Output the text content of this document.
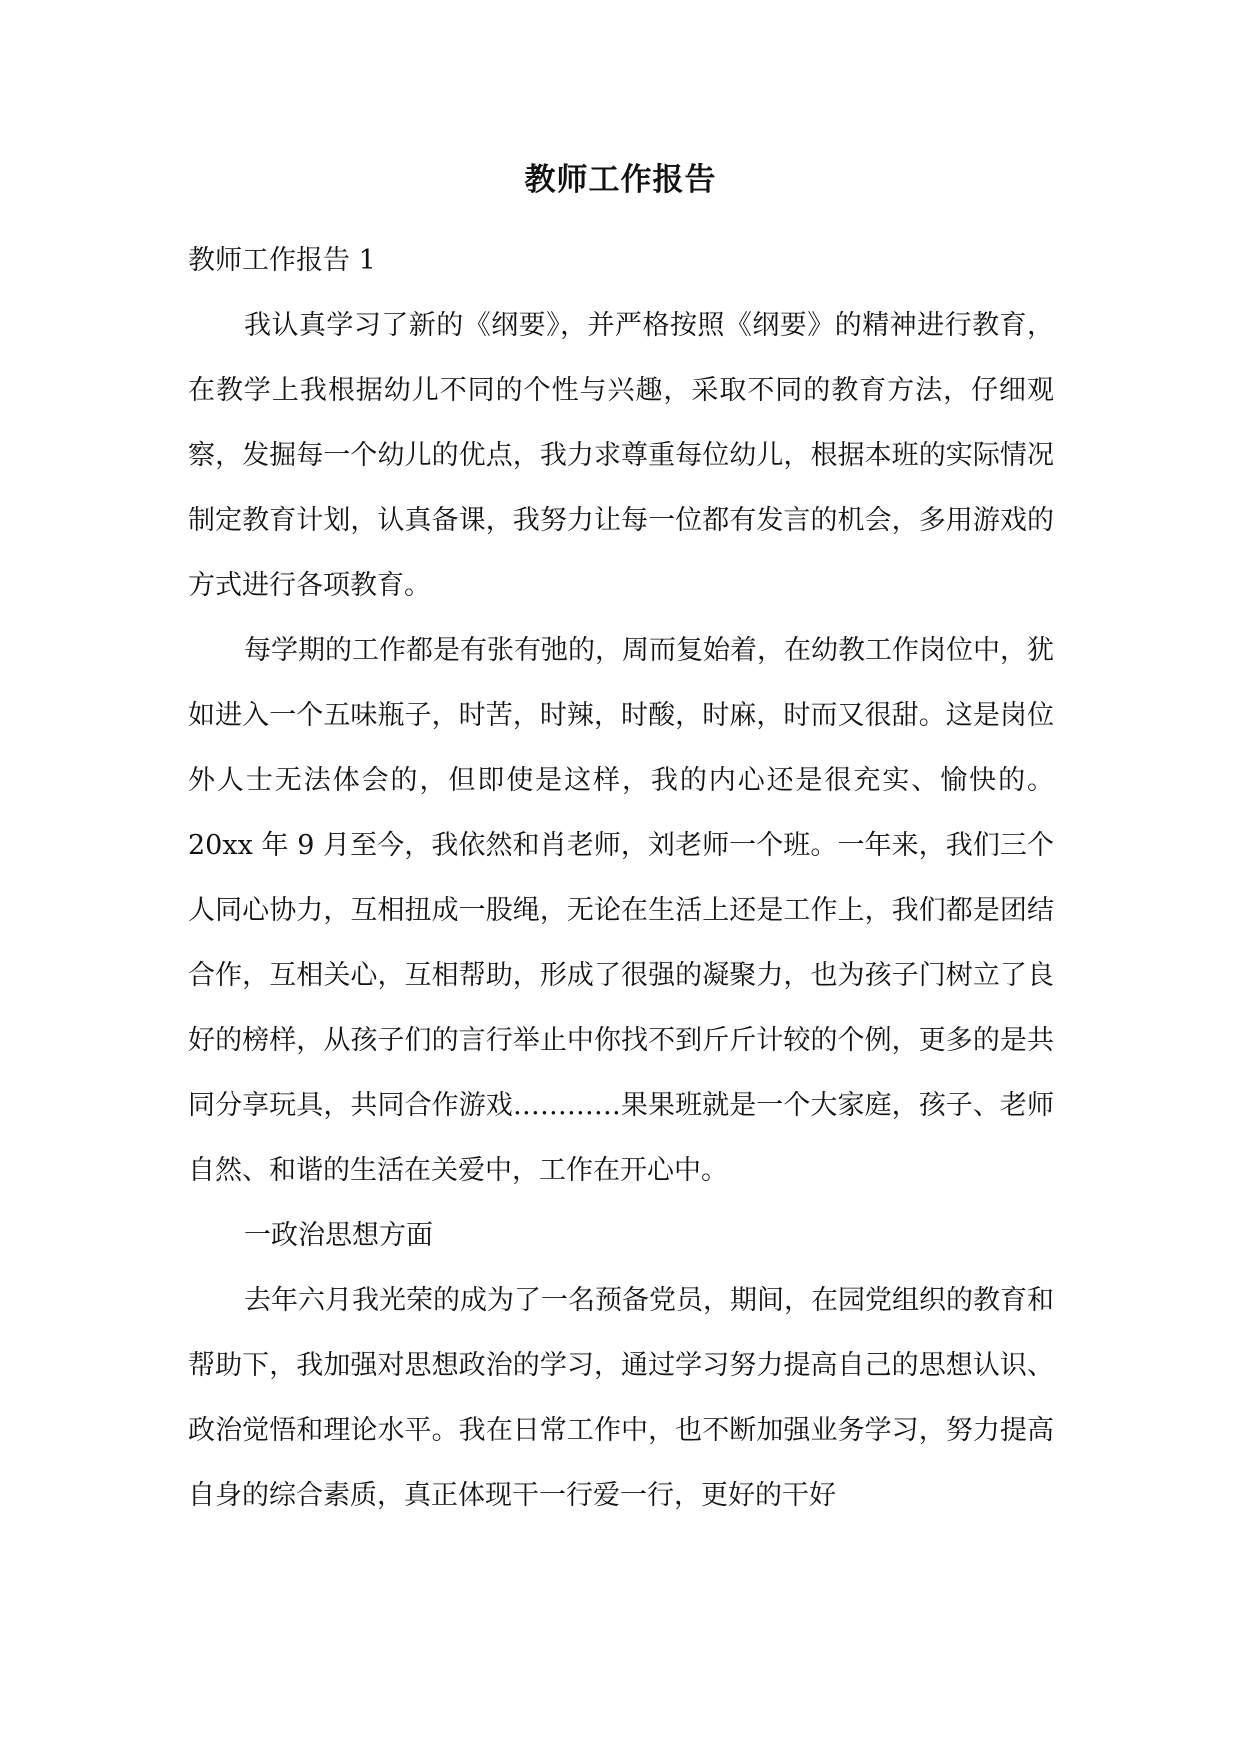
教师工作报告

教师工作报告 1

我认真学习了新的《纲要》，并严格按照《纲要》的精神进行教育，在教学上我根据幼儿不同的个性与兴趣，采取不同的教育方法，仔细观察，发掘每一个幼儿的优点，我力求尊重每位幼儿，根据本班的实际情况制定教育计划，认真备课，我努力让每一位都有发言的机会，多用游戏的方式进行各项教育。

每学期的工作都是有张有弛的，周而复始着，在幼教工作岗位中，犹如进入一个五味瓶子，时苦，时辣，时酸，时麻，时而又很甜。这是岗位外人士无法体会的，但即使是这样，我的内心还是很充实、愉快的。20xx 年 9 月至今，我依然和肖老师，刘老师一个班。一年来，我们三个人同心协力，互相扭成一股绳，无论在生活上还是工作上，我们都是团结合作，互相关心，互相帮助，形成了很强的凝聚力，也为孩子门树立了良好的榜样，从孩子们的言行举止中你找不到斤斤计较的个例，更多的是共同分享玩具，共同合作游戏…………果果班就是一个大家庭，孩子、老师自然、和谐的生活在关爱中，工作在开心中。

一政治思想方面

去年六月我光荣的成为了一名预备党员，期间，在园党组织的教育和帮助下，我加强对思想政治的学习，通过学习努力提高自己的思想认识、政治觉悟和理论水平。我在日常工作中，也不断加强业务学习，努力提高自身的综合素质，真正体现干一行爱一行，更好的干好
